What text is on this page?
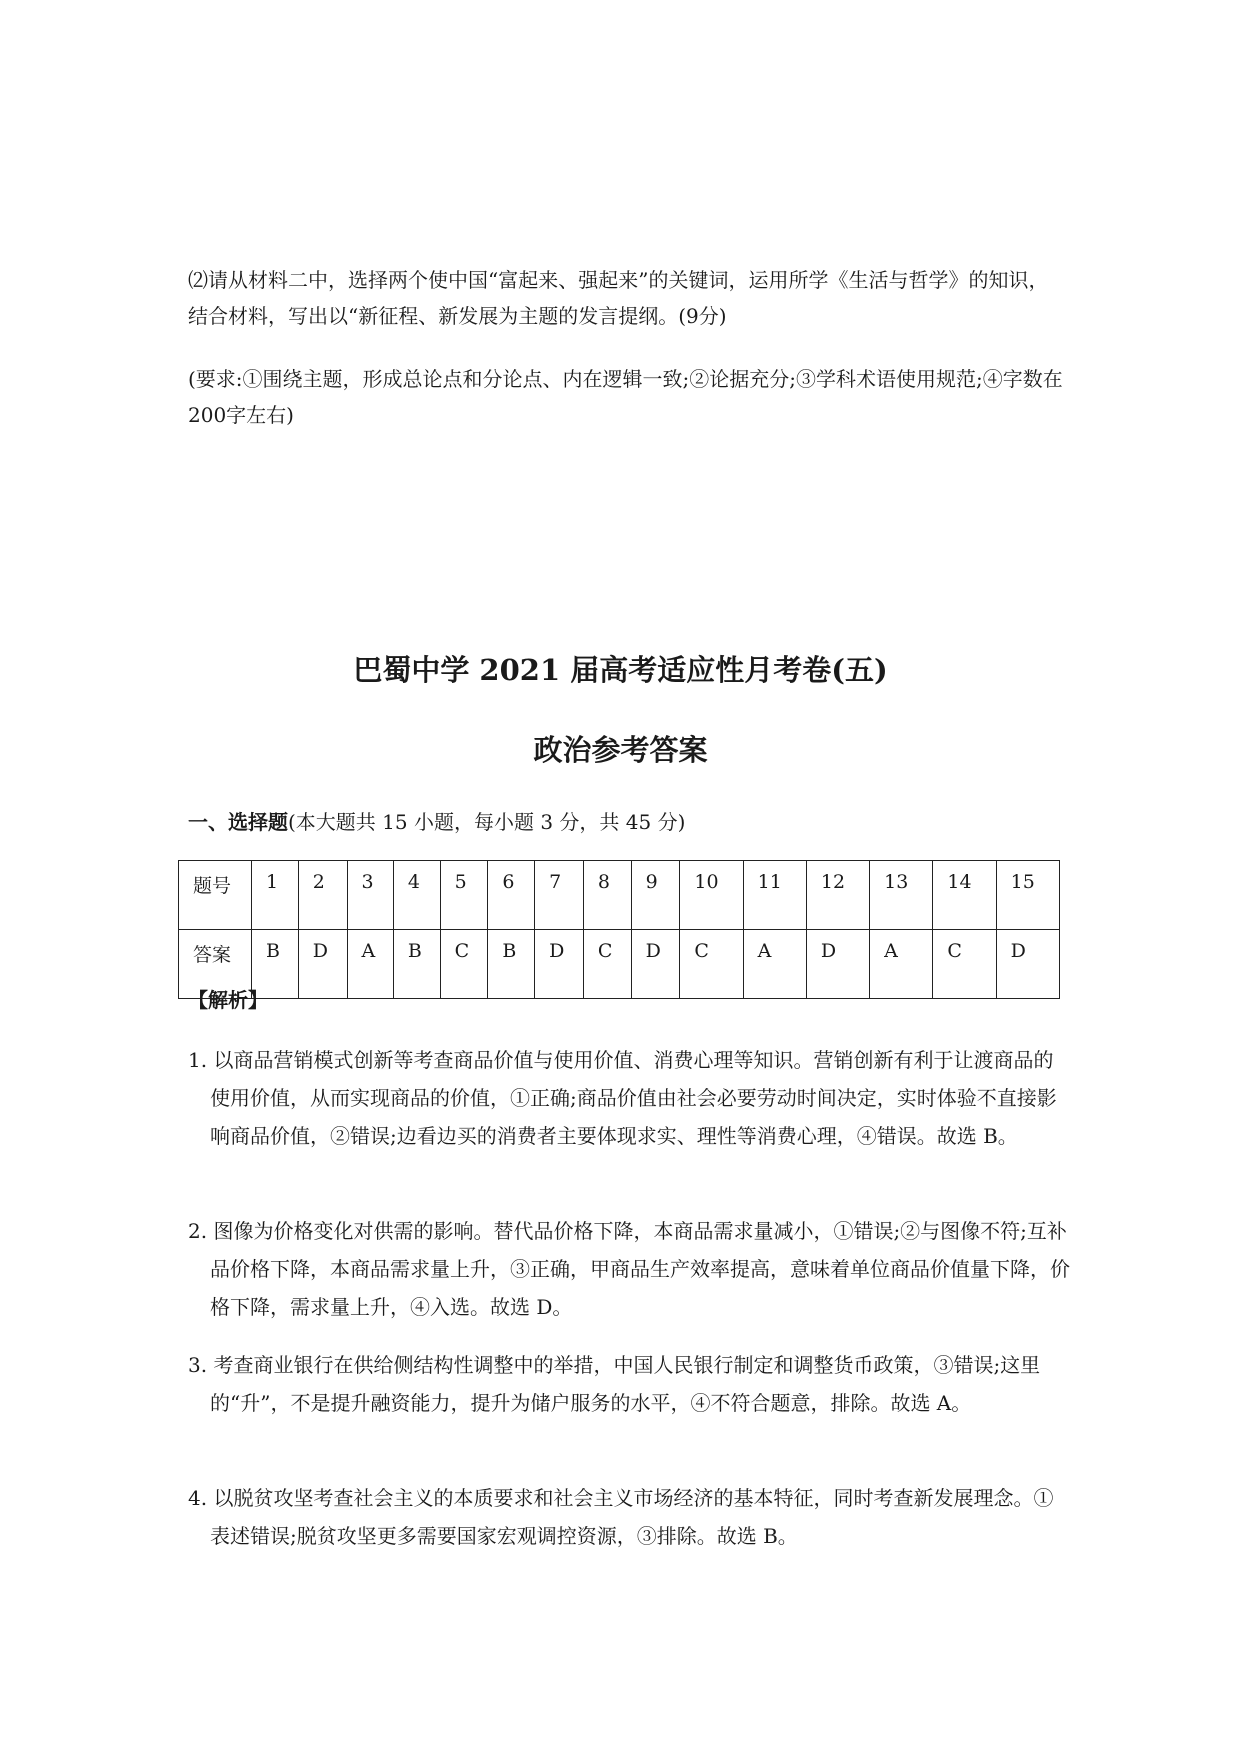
⑵请从材料二中，选择两个使中国“富起来、强起来”的关键词，运用所学《生活与哲学》的知识，结合材料，写出以“新征程、新发展为主题的发言提纲。(9分)
(要求:①围绕主题，形成总论点和分论点、内在逻辑一致;②论据充分;③学科术语使用规范;④字数在200字左右)
巴蜀中学 2021 届高考适应性月考卷(五)
政治参考答案
一、选择题(本大题共 15 小题，每小题 3 分，共 45 分)
题号	1	2	3	4	5	6	7	8	9	10	11	12	13	14	15
答案	B	D	A	B	C	B	D	C	D	C	A	D	A	C	D
【解析】
1. 以商品营销模式创新等考查商品价值与使用价值、消费心理等知识。营销创新有利于让渡商品的使用价值，从而实现商品的价值，①正确;商品价值由社会必要劳动时间决定，实时体验不直接影响商品价值，②错误;边看边买的消费者主要体现求实、理性等消费心理，④错误。故选 B。
2. 图像为价格变化对供需的影响。替代品价格下降，本商品需求量减小，①错误;②与图像不符;互补品价格下降，本商品需求量上升，③正确，甲商品生产效率提高，意味着单位商品价值量下降，价格下降，需求量上升，④入选。故选 D。
3. 考查商业银行在供给侧结构性调整中的举措，中国人民银行制定和调整货币政策，③错误;这里的“升”，不是提升融资能力，提升为储户服务的水平，④不符合题意，排除。故选 A。
4. 以脱贫攻坚考查社会主义的本质要求和社会主义市场经济的基本特征，同时考查新发展理念。①表述错误;脱贫攻坚更多需要国家宏观调控资源，③排除。故选 B。
